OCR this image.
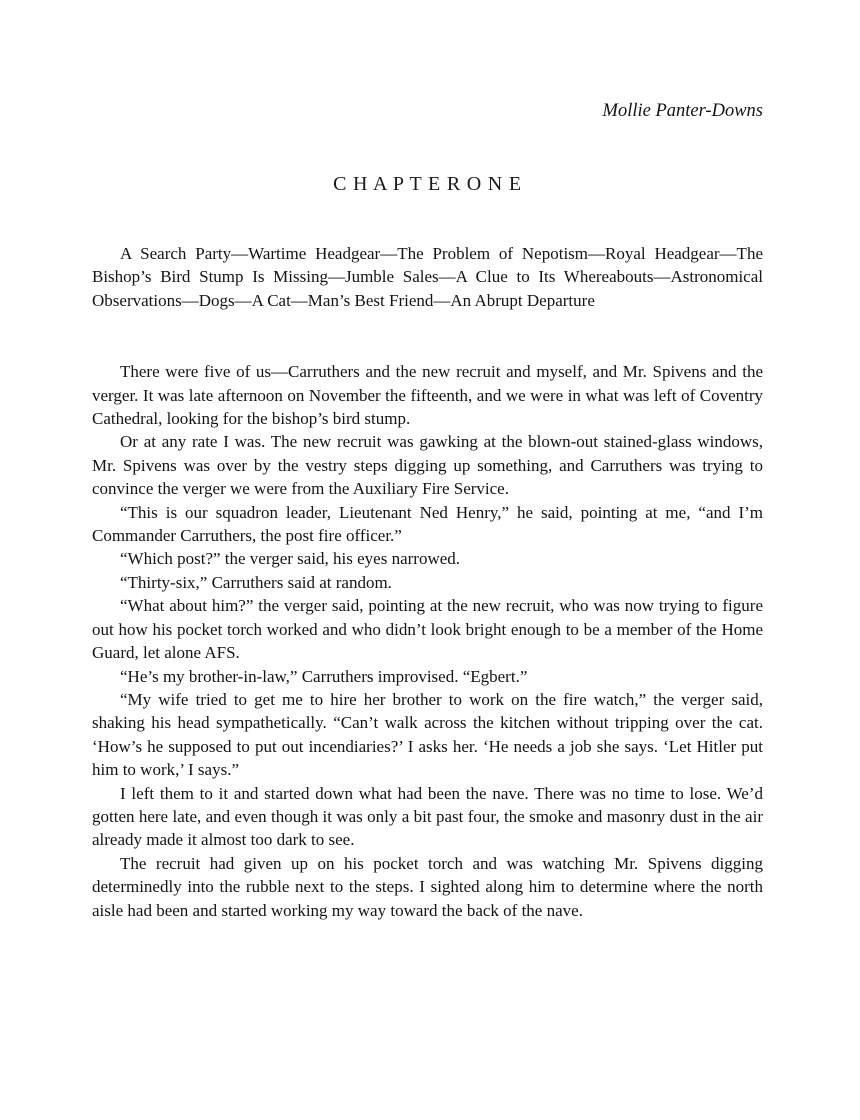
Mollie Panter-Downs
C H A P T E R O N E

A Search Party—Wartime Headgear—The Problem of Nepotism—Royal Headgear—The Bishop’s Bird Stump Is Missing—Jumble Sales—A Clue to Its Whereabouts—Astronomical Observations—Dogs—A Cat—Man’s Best Friend—An Abrupt Departure

There were five of us—Carruthers and the new recruit and myself, and Mr. Spivens and the verger. It was late afternoon on November the fifteenth, and we were in what was left of Coventry Cathedral, looking for the bishop’s bird stump.

Or at any rate I was. The new recruit was gawking at the blown-out stained-glass windows, Mr. Spivens was over by the vestry steps digging up something, and Carruthers was trying to convince the verger we were from the Auxiliary Fire Service.

“This is our squadron leader, Lieutenant Ned Henry,” he said, pointing at me, “and I’m Commander Carruthers, the post fire officer.”

“Which post?” the verger said, his eyes narrowed.

“Thirty-six,” Carruthers said at random.

“What about him?” the verger said, pointing at the new recruit, who was now trying to figure out how his pocket torch worked and who didn’t look bright enough to be a member of the Home Guard, let alone AFS.

“He’s my brother-in-law,” Carruthers improvised. “Egbert.”

“My wife tried to get me to hire her brother to work on the fire watch,” the verger said, shaking his head sympathetically. “Can’t walk across the kitchen without tripping over the cat. ‘How’s he supposed to put out incendiaries?’ I asks her. ‘He needs a job she says. ‘Let Hitler put him to work,’ I says.”

I left them to it and started down what had been the nave. There was no time to lose. We’d gotten here late, and even though it was only a bit past four, the smoke and masonry dust in the air already made it almost too dark to see.

The recruit had given up on his pocket torch and was watching Mr. Spivens digging determinedly into the rubble next to the steps. I sighted along him to determine where the north aisle had been and started working my way toward the back of the nave.
